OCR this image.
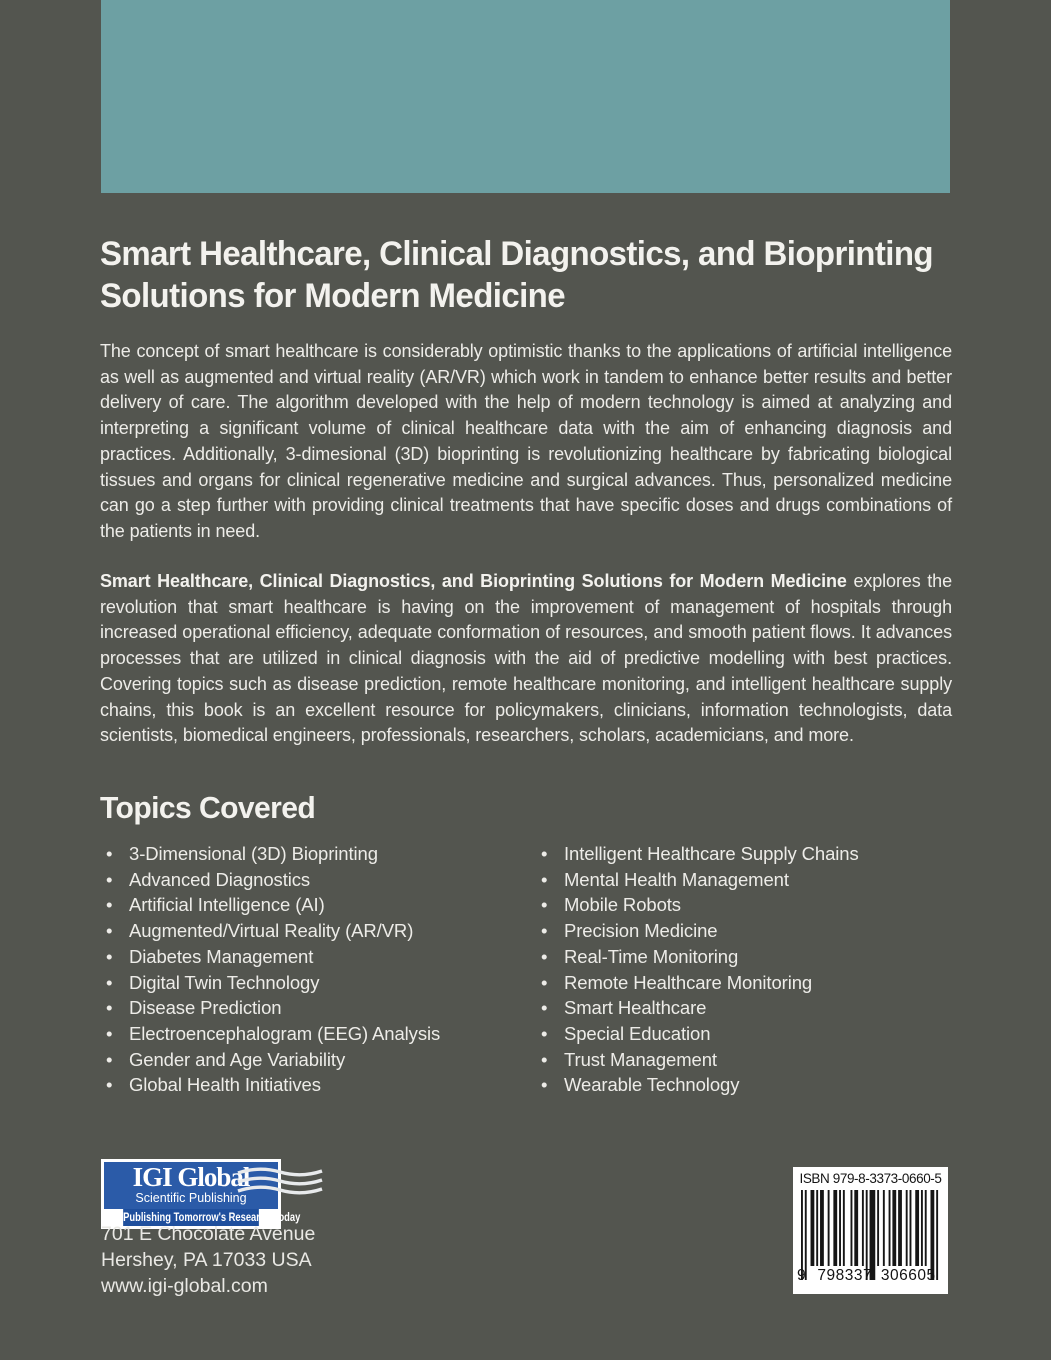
Smart Healthcare, Clinical Diagnostics, and Bioprinting Solutions for Modern Medicine

The concept of smart healthcare is considerably optimistic thanks to the applications of artificial intelligence as well as augmented and virtual reality (AR/VR) which work in tandem to enhance better results and better delivery of care. The algorithm developed with the help of modern technology is aimed at analyzing and interpreting a significant volume of clinical healthcare data with the aim of enhancing diagnosis and practices. Additionally, 3-dimesional (3D) bioprinting is revolutionizing healthcare by fabricating biological tissues and organs for clinical regenerative medicine and surgical advances. Thus, personalized medicine can go a step further with providing clinical treatments that have specific doses and drugs combinations of the patients in need.

Smart Healthcare, Clinical Diagnostics, and Bioprinting Solutions for Modern Medicine explores the revolution that smart healthcare is having on the improvement of management of hospitals through increased operational efficiency, adequate conformation of resources, and smooth patient flows. It advances processes that are utilized in clinical diagnosis with the aid of predictive modelling with best practices. Covering topics such as disease prediction, remote healthcare monitoring, and intelligent healthcare supply chains, this book is an excellent resource for policymakers, clinicians, information technologists, data scientists, biomedical engineers, professionals, researchers, scholars, academicians, and more.

Topics Covered
• 3-Dimensional (3D) Bioprinting
• Advanced Diagnostics
• Artificial Intelligence (AI)
• Augmented/Virtual Reality (AR/VR)
• Diabetes Management
• Digital Twin Technology
• Disease Prediction
• Electroencephalogram (EEG) Analysis
• Gender and Age Variability
• Global Health Initiatives
• Intelligent Healthcare Supply Chains
• Mental Health Management
• Mobile Robots
• Precision Medicine
• Real-Time Monitoring
• Remote Healthcare Monitoring
• Smart Healthcare
• Special Education
• Trust Management
• Wearable Technology
IGI Global
Scientific Publishing
Publishing Tomorrow's Research Today
701 E Chocolate Avenue
Hershey, PA 17033 USA
www.igi-global.com
ISBN 979-8-3373-0660-5
9 798337 306605
